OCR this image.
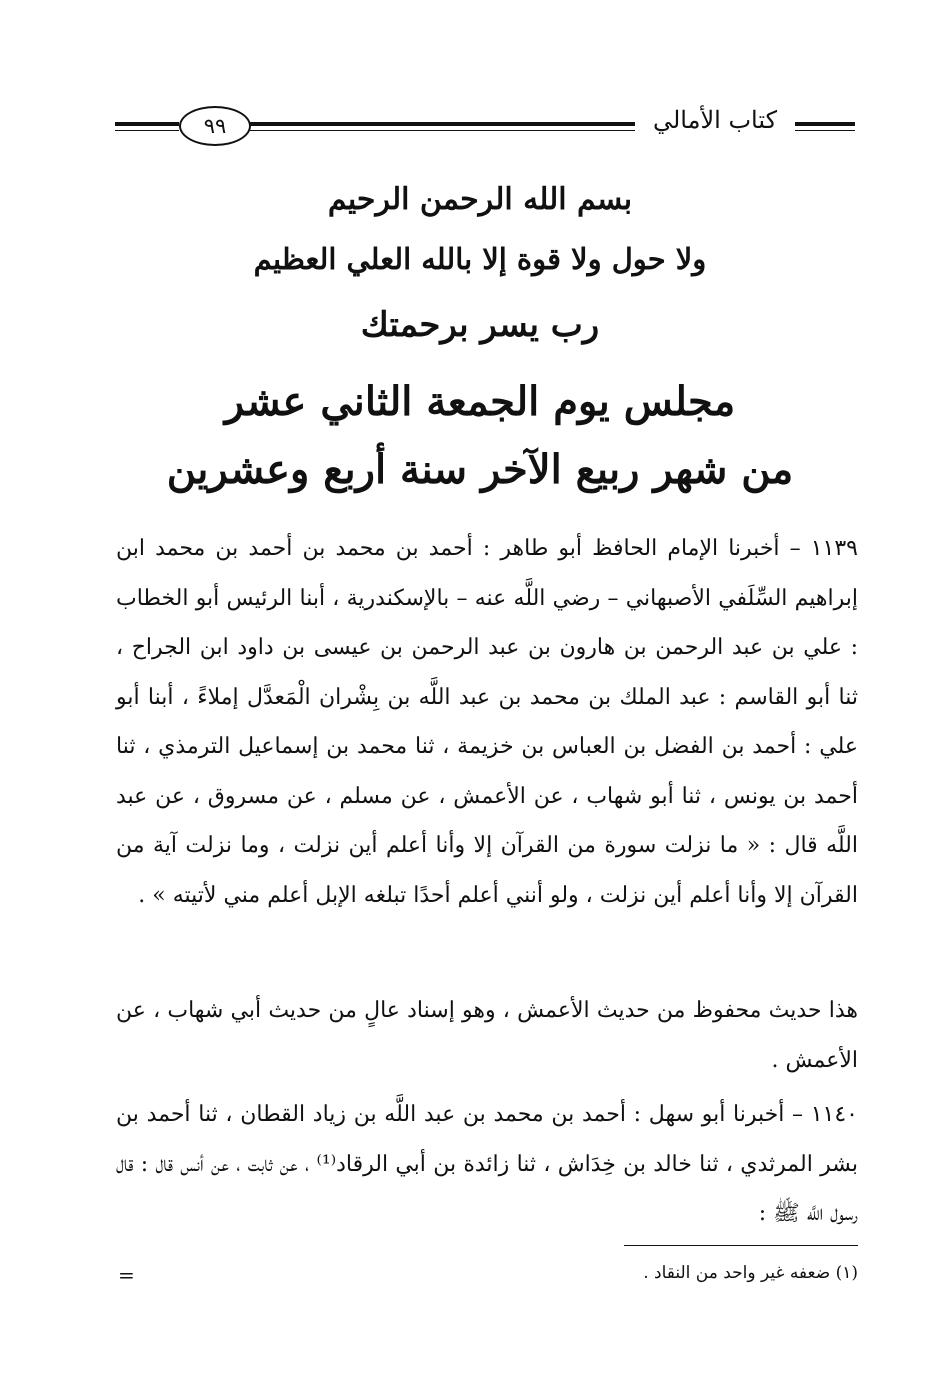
كتاب الأمالي
٩٩
بسم الله الرحمن الرحيم
ولا حول ولا قوة إلا بالله العلي العظيم
رب يسر برحمتك
مجلس يوم الجمعة الثاني عشر
من شهر ربيع الآخر سنة أربع وعشرين
١١٣٩ – أخبرنا الإمام الحافظ أبو طاهر : أحمد بن محمد بن أحمد بن محمد ابن إبراهيم السِّلَفي الأصبهاني – رضي اللَّه عنه – بالإسكندرية ، أبنا الرئيس أبو الخطاب : علي بن عبد الرحمن بن هارون بن عبد الرحمن بن عيسى بن داود ابن الجراح ، ثنا أبو القاسم : عبد الملك بن محمد بن عبد اللَّه بن بِشْران الْمَعدَّل إملاءً ، أبنا أبو علي : أحمد بن الفضل بن العباس بن خزيمة ، ثنا محمد بن إسماعيل الترمذي ، ثنا أحمد بن يونس ، ثنا أبو شهاب ، عن الأعمش ، عن مسلم ، عن مسروق ، عن عبد اللَّه قال : « ما نزلت سورة من القرآن إلا وأنا أعلم أين نزلت ، وما نزلت آية من القرآن إلا وأنا أعلم أين نزلت ، ولو أنني أعلم أحدًا تبلغه الإبل أعلم مني لأتيته » .
هذا حديث محفوظ من حديث الأعمش ، وهو إسناد عالٍ من حديث أبي شهاب ، عن الأعمش .
١١٤٠ – أخبرنا أبو سهل : أحمد بن محمد بن عبد اللَّه بن زياد القطان ، ثنا أحمد بن بشر المرثدي ، ثنا خالد بن خِدَاش ، ثنا زائدة بن أبي الرقاد⁽¹⁾ ، عن ثابت ، عن أنس قال : قال رسول اللَّه ﷺ :
(١) ضعفه غير واحد من النقاد .
=
